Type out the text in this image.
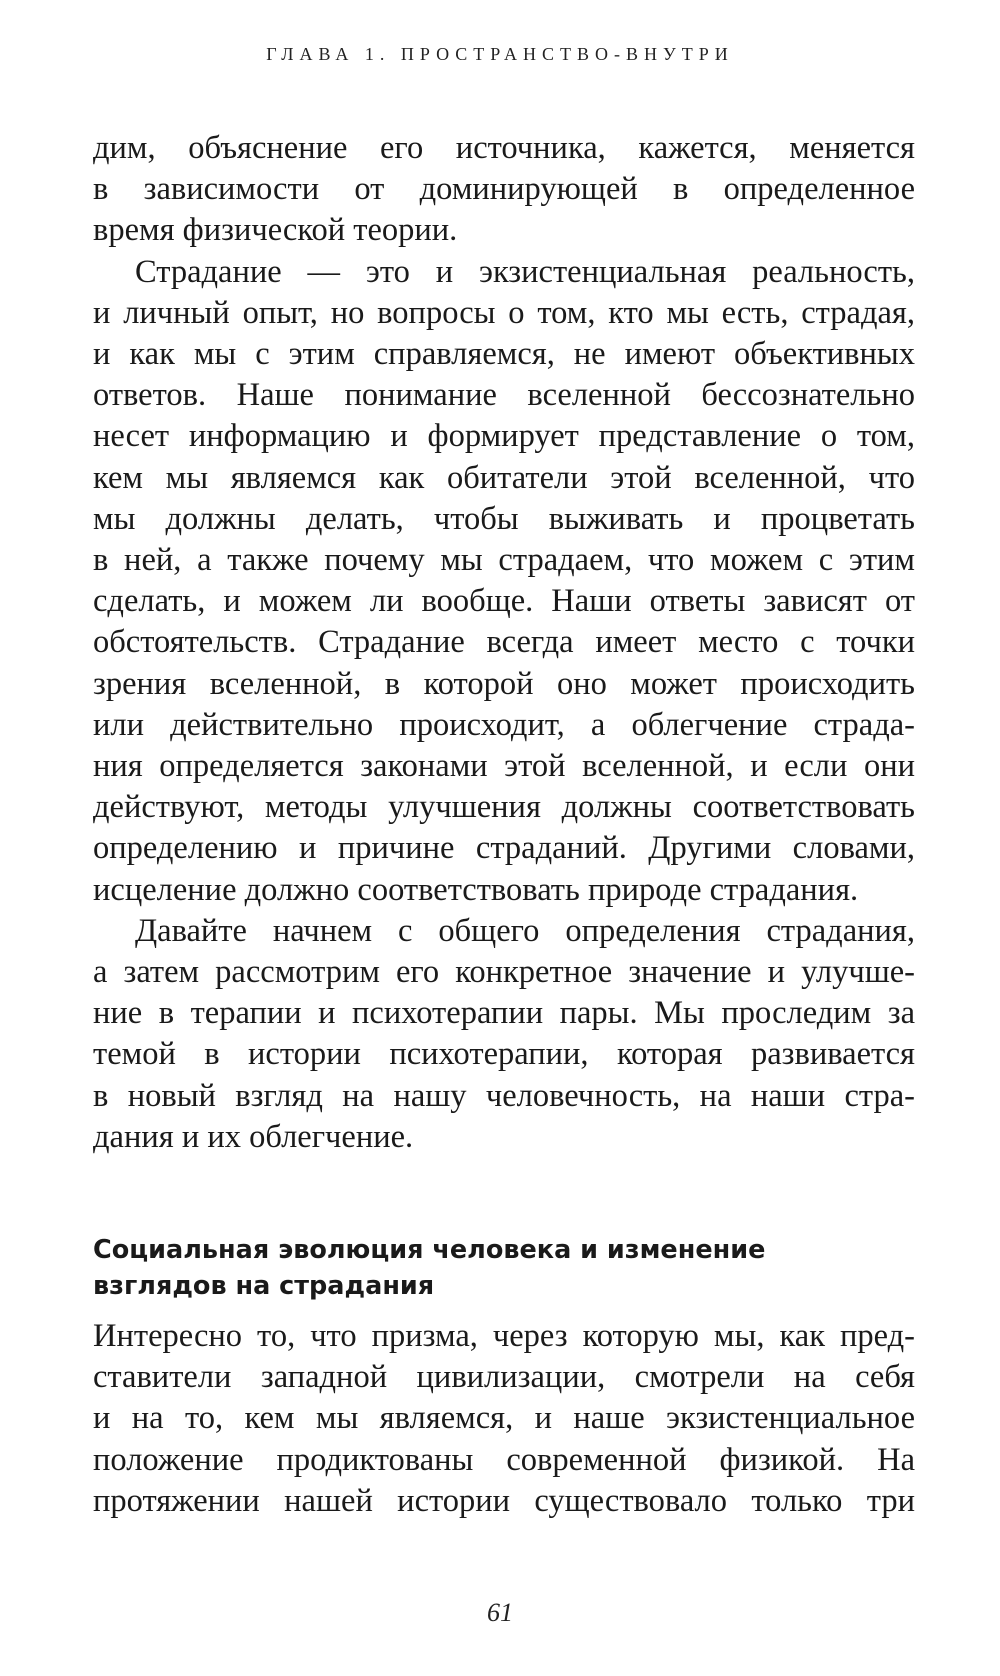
ГЛАВА 1. ПРОСТРАНСТВО-ВНУТРИ
дим, объяснение его источника, кажется, меняется
в зависимости от доминирующей в определенное
время физической теории.
Страдание — это и экзистенциальная реальность,
и личный опыт, но вопросы о том, кто мы есть, страдая,
и как мы с этим справляемся, не имеют объективных
ответов. Наше понимание вселенной бессознательно
несет информацию и формирует представление о том,
кем мы являемся как обитатели этой вселенной, что
мы должны делать, чтобы выживать и процветать
в ней, а также почему мы страдаем, что можем с этим
сделать, и можем ли вообще. Наши ответы зависят от
обстоятельств. Страдание всегда имеет место с точки
зрения вселенной, в которой оно может происходить
или действительно происходит, а облегчение страда-
ния определяется законами этой вселенной, и если они
действуют, методы улучшения должны соответствовать
определению и причине страданий. Другими словами,
исцеление должно соответствовать природе страдания.
Давайте начнем с общего определения страдания,
а затем рассмотрим его конкретное значение и улучше-
ние в терапии и психотерапии пары. Мы проследим за
темой в истории психотерапии, которая развивается
в новый взгляд на нашу человечность, на наши стра-
дания и их облегчение.
Социальная эволюция человека и изменение
взглядов на страдания
Интересно то, что призма, через которую мы, как пред-
ставители западной цивилизации, смотрели на себя
и на то, кем мы являемся, и наше экзистенциальное
положение продиктованы современной физикой. На
протяжении нашей истории существовало только три
61
